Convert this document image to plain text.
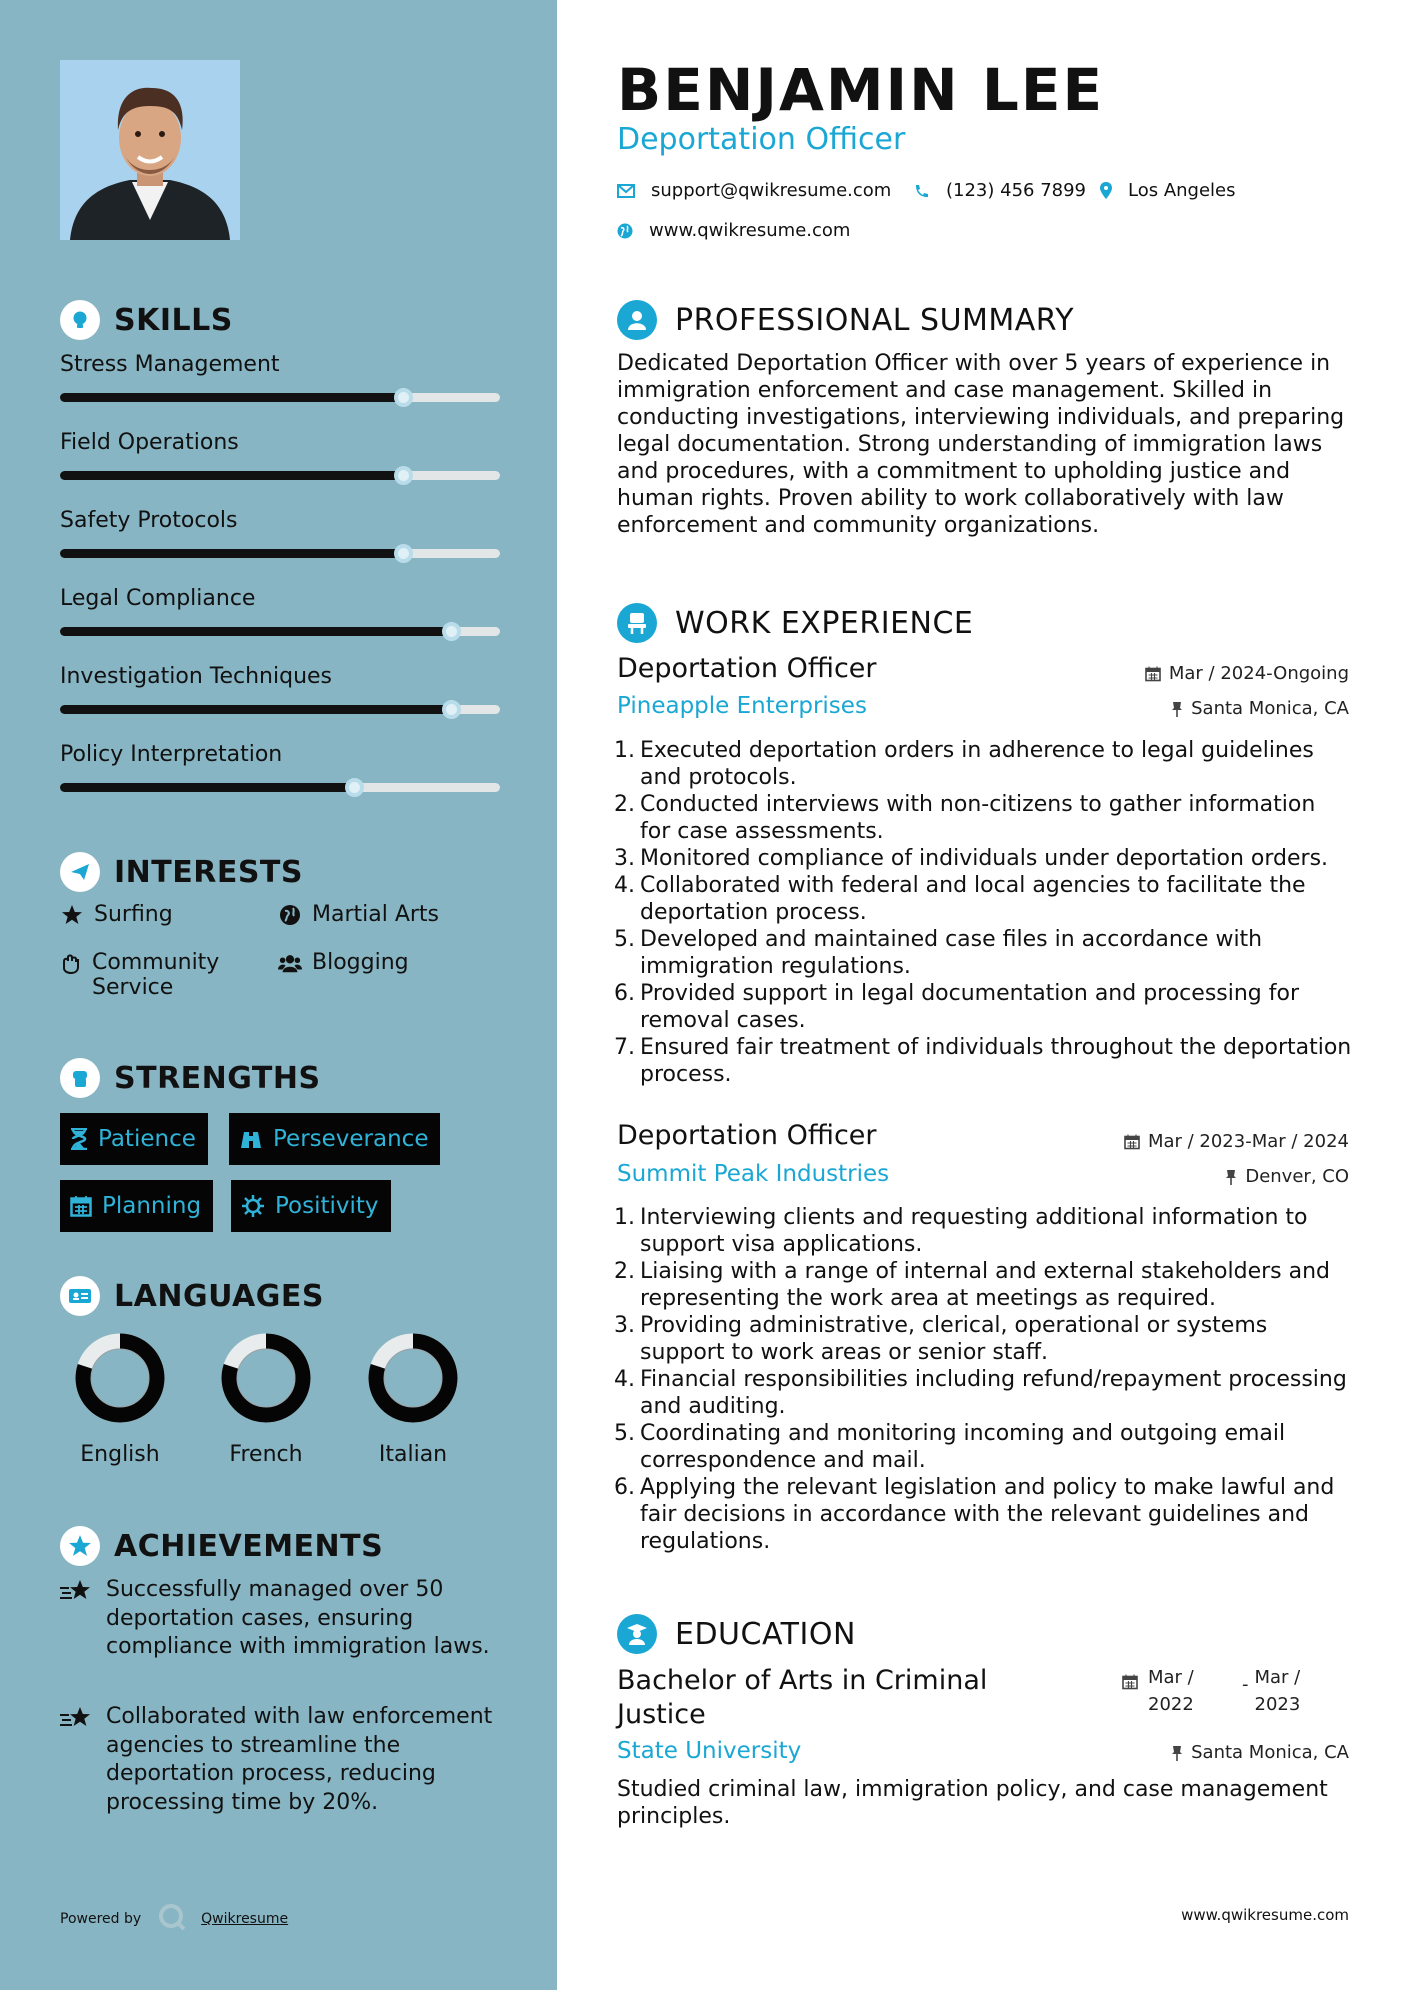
SKILLS
Stress Management
Field Operations
Safety Protocols
Legal Compliance
Investigation Techniques
Policy Interpretation
INTERESTS
Surfing	Martial Arts
Community Service
Blogging
STRENGTHS
Patience	Perseverance
Planning	Positivity
LANGUAGES
English	French	Italian
ACHIEVEMENTS
Successfully managed over 50 deportation cases, ensuring compliance with immigration laws.
Collaborated with law enforcement agencies to streamline the deportation process, reducing processing time by 20%.
Powered by	Qwikresume
BENJAMIN LEE
Deportation Officer
support@qwikresume.com	(123) 456 7899 Los Angeles
www.qwikresume.com
PROFESSIONAL SUMMARY
Dedicated Deportation Officer with over 5 years of experience in immigration enforcement and case management. Skilled in conducting investigations, interviewing individuals, and preparing legal documentation. Strong understanding of immigration laws and procedures, with a commitment to upholding justice and human rights. Proven ability to work collaboratively with law enforcement and community organizations.
WORK EXPERIENCE
Deportation Officer	Mar / 2024-Ongoing
Pineapple Enterprises	Santa Monica, CA
1. Executed deportation orders in adherence to legal guidelines and protocols.
2. Conducted interviews with non-citizens to gather information for case assessments.
3. Monitored compliance of individuals under deportation orders.
4. Collaborated with federal and local agencies to facilitate the deportation process.
5. Developed and maintained case files in accordance with immigration regulations.
6. Provided support in legal documentation and processing for removal cases.
7. Ensured fair treatment of individuals throughout the deportation process.
Deportation Officer	Mar / 2023-Mar / 2024
Summit Peak Industries	Denver, CO
1. Interviewing clients and requesting additional information to support visa applications.
2. Liaising with a range of internal and external stakeholders and representing the work area at meetings as required.
3. Providing administrative, clerical, operational or systems support to work areas or senior staff.
4. Financial responsibilities including refund/repayment processing and auditing.
5. Coordinating and monitoring incoming and outgoing email correspondence and mail.
6. Applying the relevant legislation and policy to make lawful and fair decisions in accordance with the relevant guidelines and regulations.
EDUCATION
Bachelor of Arts in Criminal Justice
Mar / 2022
- Mar / 2023
State University	Santa Monica, CA
Studied criminal law, immigration policy, and case management principles.
www.qwikresume.com
